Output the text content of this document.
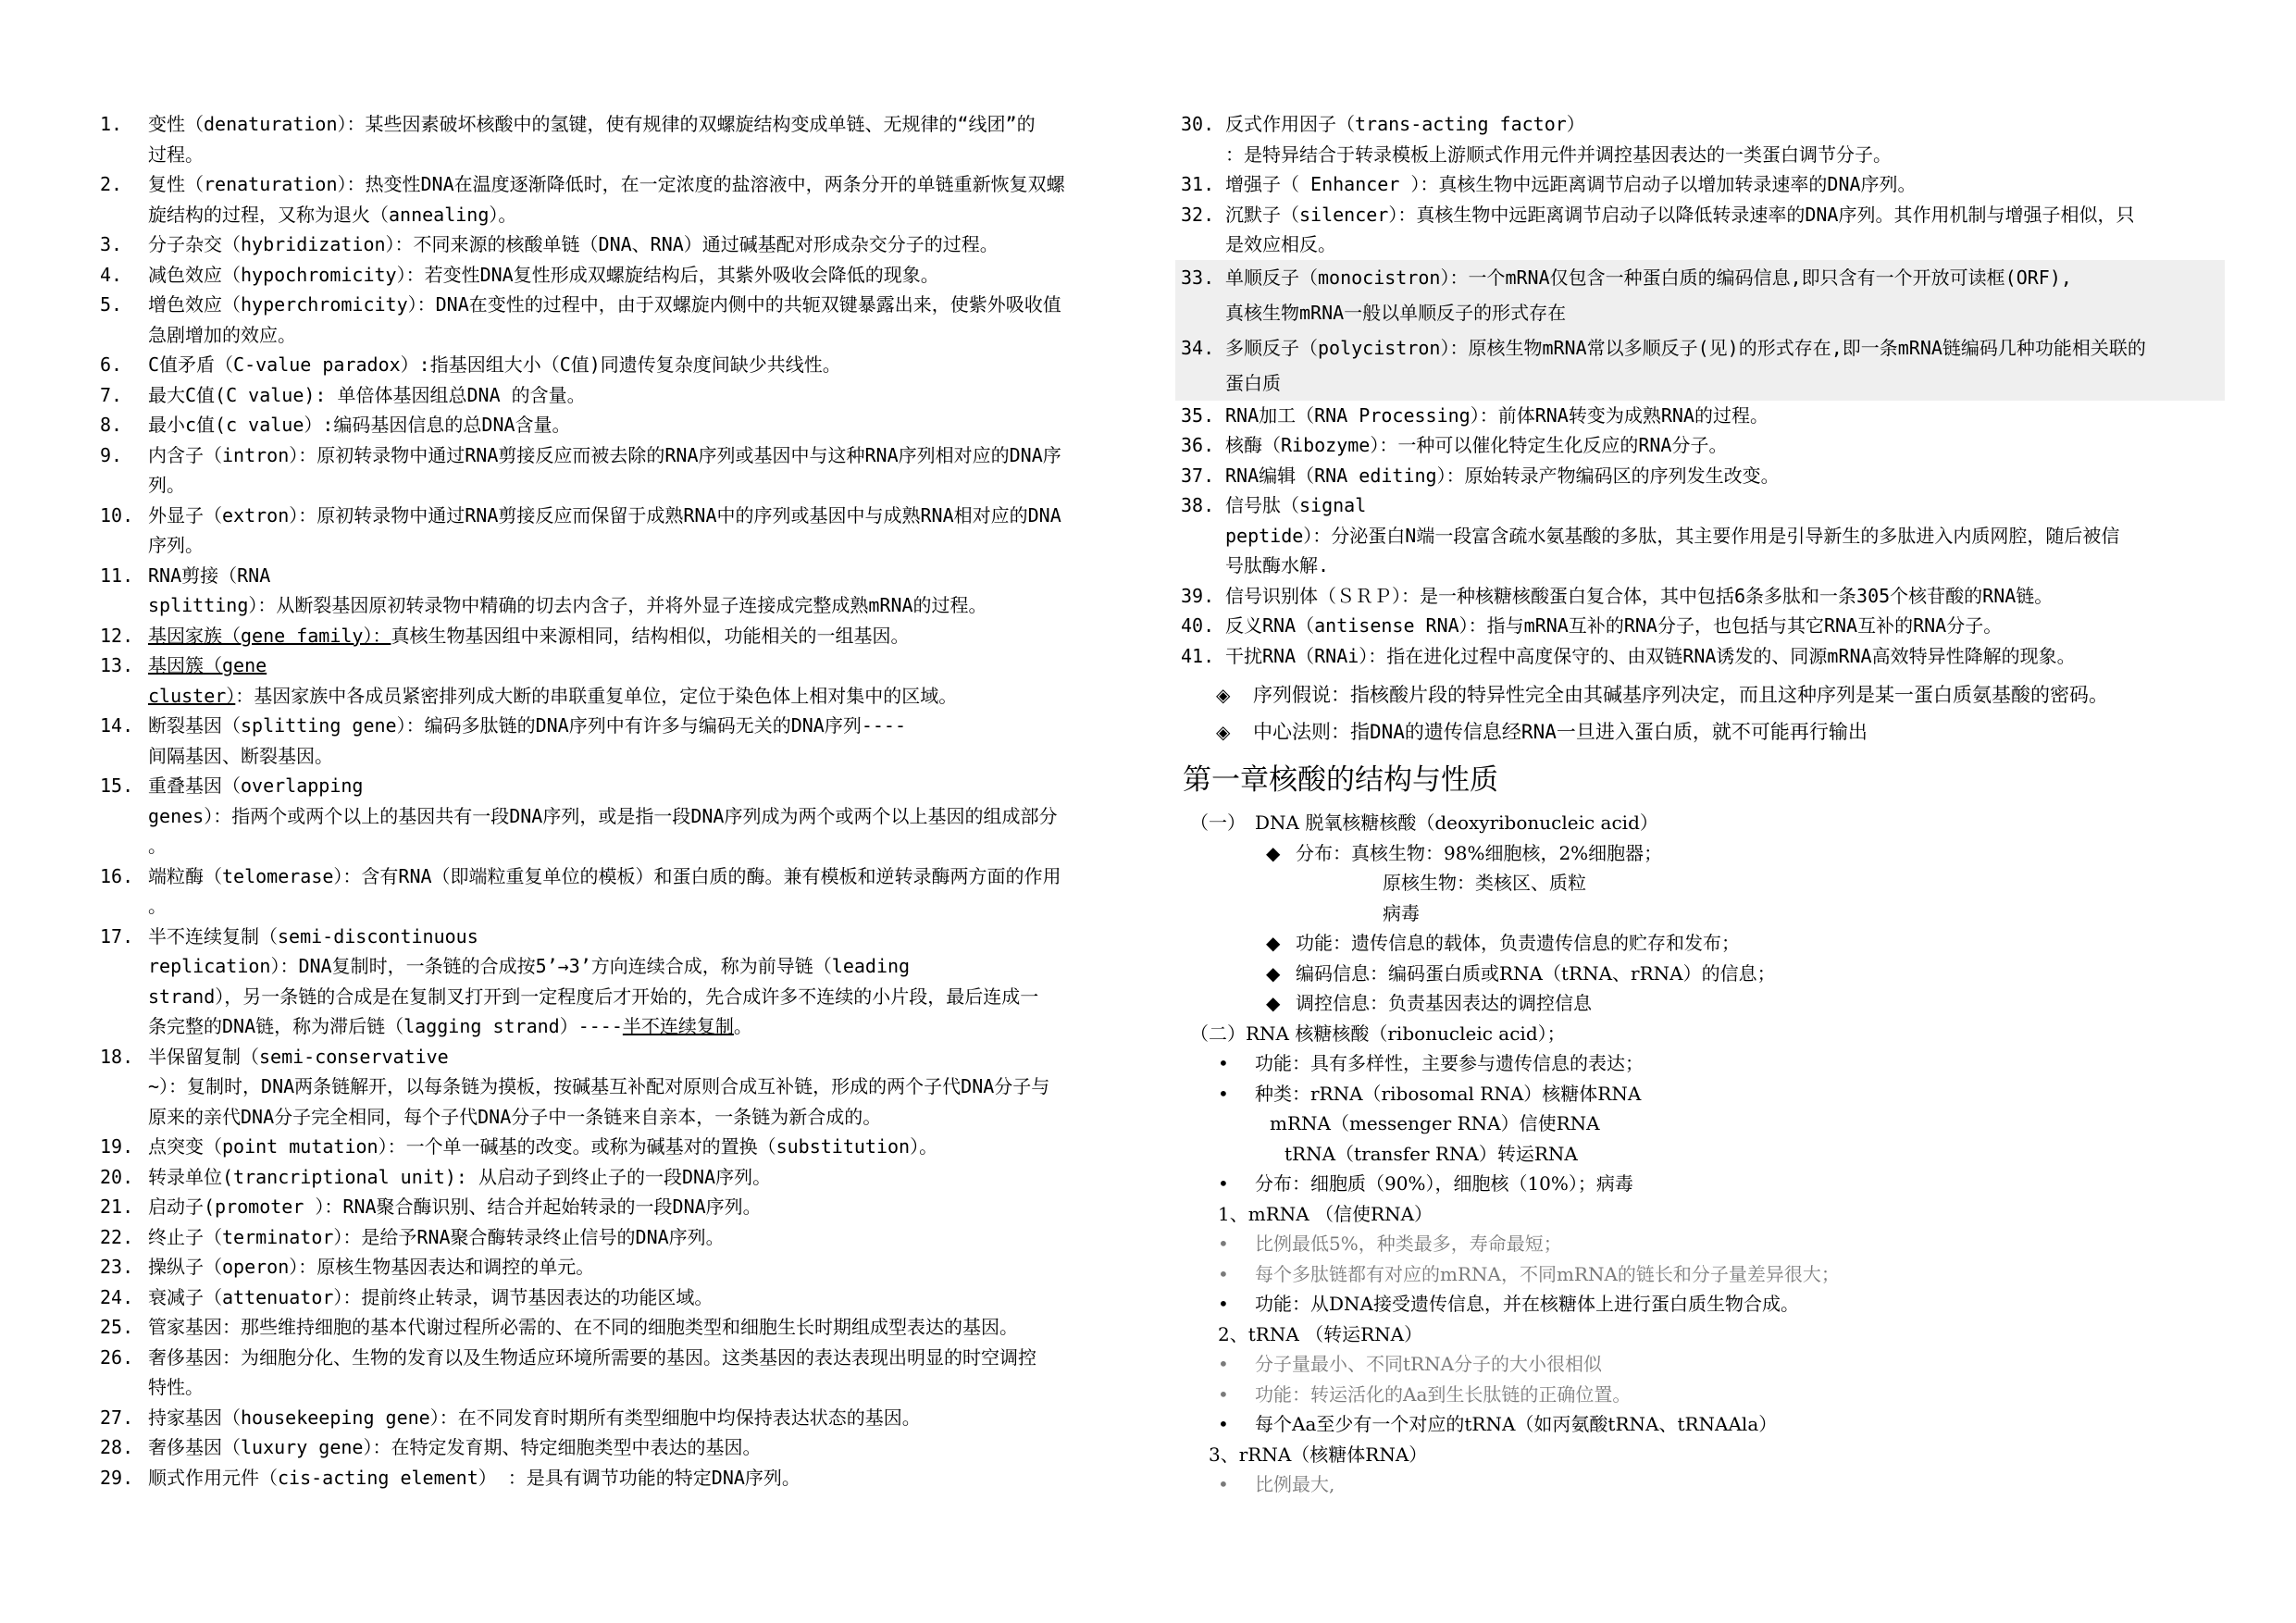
1.	变性（denaturation）：某些因素破坏核酸中的氢键，使有规律的双螺旋结构变成单链、无规律的“线团”的
过程。
2.	复性（renaturation）：热变性DNA在温度逐渐降低时，在一定浓度的盐溶液中，两条分开的单链重新恢复双螺
旋结构的过程，又称为退火（annealing）。
3.	分子杂交（hybridization）：不同来源的核酸单链（DNA、RNA）通过碱基配对形成杂交分子的过程。
4.	减色效应（hypochromicity）：若变性DNA复性形成双螺旋结构后，其紫外吸收会降低的现象。
5.	增色效应（hyperchromicity）：DNA在变性的过程中，由于双螺旋内侧中的共轭双键暴露出来，使紫外吸收值
急剧增加的效应。
6.	C值矛盾（C-value paradox）:指基因组大小（C值)同遗传复杂度间缺少共线性。
7.	最大C值(C value): 单倍体基因组总DNA 的含量。
8.	最小c值(c value）:编码基因信息的总DNA含量。
9.	内含子（intron）：原初转录物中通过RNA剪接反应而被去除的RNA序列或基因中与这种RNA序列相对应的DNA序
列。
10. 外显子（extron）：原初转录物中通过RNA剪接反应而保留于成熟RNA中的序列或基因中与成熟RNA相对应的DNA
序列。
11. RNA剪接（RNA
splitting）：从断裂基因原初转录物中精确的切去内含子，并将外显子连接成完整成熟mRNA的过程。
12. 基因家族（gene family）：真核生物基因组中来源相同，结构相似，功能相关的一组基因。
13. 基因簇（gene
cluster）：基因家族中各成员紧密排列成大断的串联重复单位，定位于染色体上相对集中的区域。
14. 断裂基因（splitting gene）：编码多肽链的DNA序列中有许多与编码无关的DNA序列----
间隔基因、断裂基因。
15. 重叠基因（overlapping
genes）：指两个或两个以上的基因共有一段DNA序列，或是指一段DNA序列成为两个或两个以上基因的组成部分
。
16. 端粒酶（telomerase）：含有RNA（即端粒重复单位的模板）和蛋白质的酶。兼有模板和逆转录酶两方面的作用
。
17. 半不连续复制（semi-discontinuous
replication）：DNA复制时，一条链的合成按5’→3’方向连续合成，称为前导链（leading
strand），另一条链的合成是在复制叉打开到一定程度后才开始的，先合成许多不连续的小片段，最后连成一
条完整的DNA链，称为滞后链（lagging strand）----半不连续复制。
18. 半保留复制（semi-conservative
~）：复制时，DNA两条链解开，以每条链为摸板，按碱基互补配对原则合成互补链，形成的两个子代DNA分子与
原来的亲代DNA分子完全相同，每个子代DNA分子中一条链来自亲本，一条链为新合成的。
19. 点突变（point mutation）：一个单一碱基的改变。或称为碱基对的置换（substitution）。
20. 转录单位(trancriptional unit): 从启动子到终止子的一段DNA序列。
21. 启动子(promoter ）：RNA聚合酶识别、结合并起始转录的一段DNA序列。
22. 终止子（terminator）：是给予RNA聚合酶转录终止信号的DNA序列。
23. 操纵子（operon）：原核生物基因表达和调控的单元。
24. 衰减子（attenuator）：提前终止转录，调节基因表达的功能区域。
25. 管家基因：那些维持细胞的基本代谢过程所必需的、在不同的细胞类型和细胞生长时期组成型表达的基因。
26. 奢侈基因：为细胞分化、生物的发育以及生物适应环境所需要的基因。这类基因的表达表现出明显的时空调控
特性。
27. 持家基因（housekeeping gene）：在不同发育时期所有类型细胞中均保持表达状态的基因。
28. 奢侈基因（luxury gene）：在特定发育期、特定细胞类型中表达的基因。
29. 顺式作用元件（cis-acting element） ：是具有调节功能的特定DNA序列。
30. 反式作用因子（trans-acting factor）
：是特异结合于转录模板上游顺式作用元件并调控基因表达的一类蛋白调节分子。
31. 增强子（ Enhancer ）：真核生物中远距离调节启动子以增加转录速率的DNA序列。
32. 沉默子（silencer）：真核生物中远距离调节启动子以降低转录速率的DNA序列。其作用机制与增强子相似，只
是效应相反。
33. 单顺反子（monocistron）：一个mRNA仅包含一种蛋白质的编码信息,即只含有一个开放可读框(ORF),
真核生物mRNA一般以单顺反子的形式存在
34. 多顺反子（polycistron）：原核生物mRNA常以多顺反子(见)的形式存在,即一条mRNA链编码几种功能相关联的
蛋白质
35. RNA加工（RNA Processing）：前体RNA转变为成熟RNA的过程。
36. 核酶（Ribozyme）：一种可以催化特定生化反应的RNA分子。
37. RNA编辑（RNA editing）：原始转录产物编码区的序列发生改变。
38. 信号肽（signal
peptide）：分泌蛋白N端一段富含疏水氨基酸的多肽，其主要作用是引导新生的多肽进入内质网腔，随后被信
号肽酶水解.
39. 信号识别体（ＳＲＰ）：是一种核糖核酸蛋白复合体，其中包括6条多肽和一条305个核苷酸的RNA链。
40. 反义RNA（antisense RNA）：指与mRNA互补的RNA分子，也包括与其它RNA互补的RNA分子。
41. 干扰RNA（RNAi）：指在进化过程中高度保守的、由双链RNA诱发的、同源mRNA高效特异性降解的现象。
◈	序列假说：指核酸片段的特异性完全由其碱基序列决定，而且这种序列是某一蛋白质氨基酸的密码。
◈	中心法则：指DNA的遗传信息经RNA一旦进入蛋白质，就不可能再行输出
第一章核酸的结构与性质
（一）　DNA 脱氧核糖核酸（deoxyribonucleic acid）
◆ 分布：真核生物：98%细胞核，2%细胞器；
原核生物：类核区、质粒
病毒
◆ 功能：遗传信息的载体，负责遗传信息的贮存和发布；
◆ 编码信息：编码蛋白质或RNA（tRNA、rRNA）的信息；
◆ 调控信息：负责基因表达的调控信息
（二）RNA 核糖核酸（ribonucleic acid）；
• 功能：具有多样性，主要参与遗传信息的表达；
• 种类：rRNA（ribosomal RNA）核糖体RNA
mRNA（messenger RNA）信使RNA
tRNA（transfer RNA）转运RNA
• 分布：细胞质（90%），细胞核（10%）；病毒
1、mRNA （信使RNA）
• 比例最低5%，种类最多，寿命最短；
• 每个多肽链都有对应的mRNA，不同mRNA的链长和分子量差异很大；
• 功能：从DNA接受遗传信息，并在核糖体上进行蛋白质生物合成。
2、tRNA （转运RNA）
• 分子量最小、不同tRNA分子的大小很相似
• 功能：转运活化的Aa到生长肽链的正确位置。
• 每个Aa至少有一个对应的tRNA（如丙氨酸tRNA、tRNAAla）
3、rRNA（核糖体RNA）
• 比例最大,
